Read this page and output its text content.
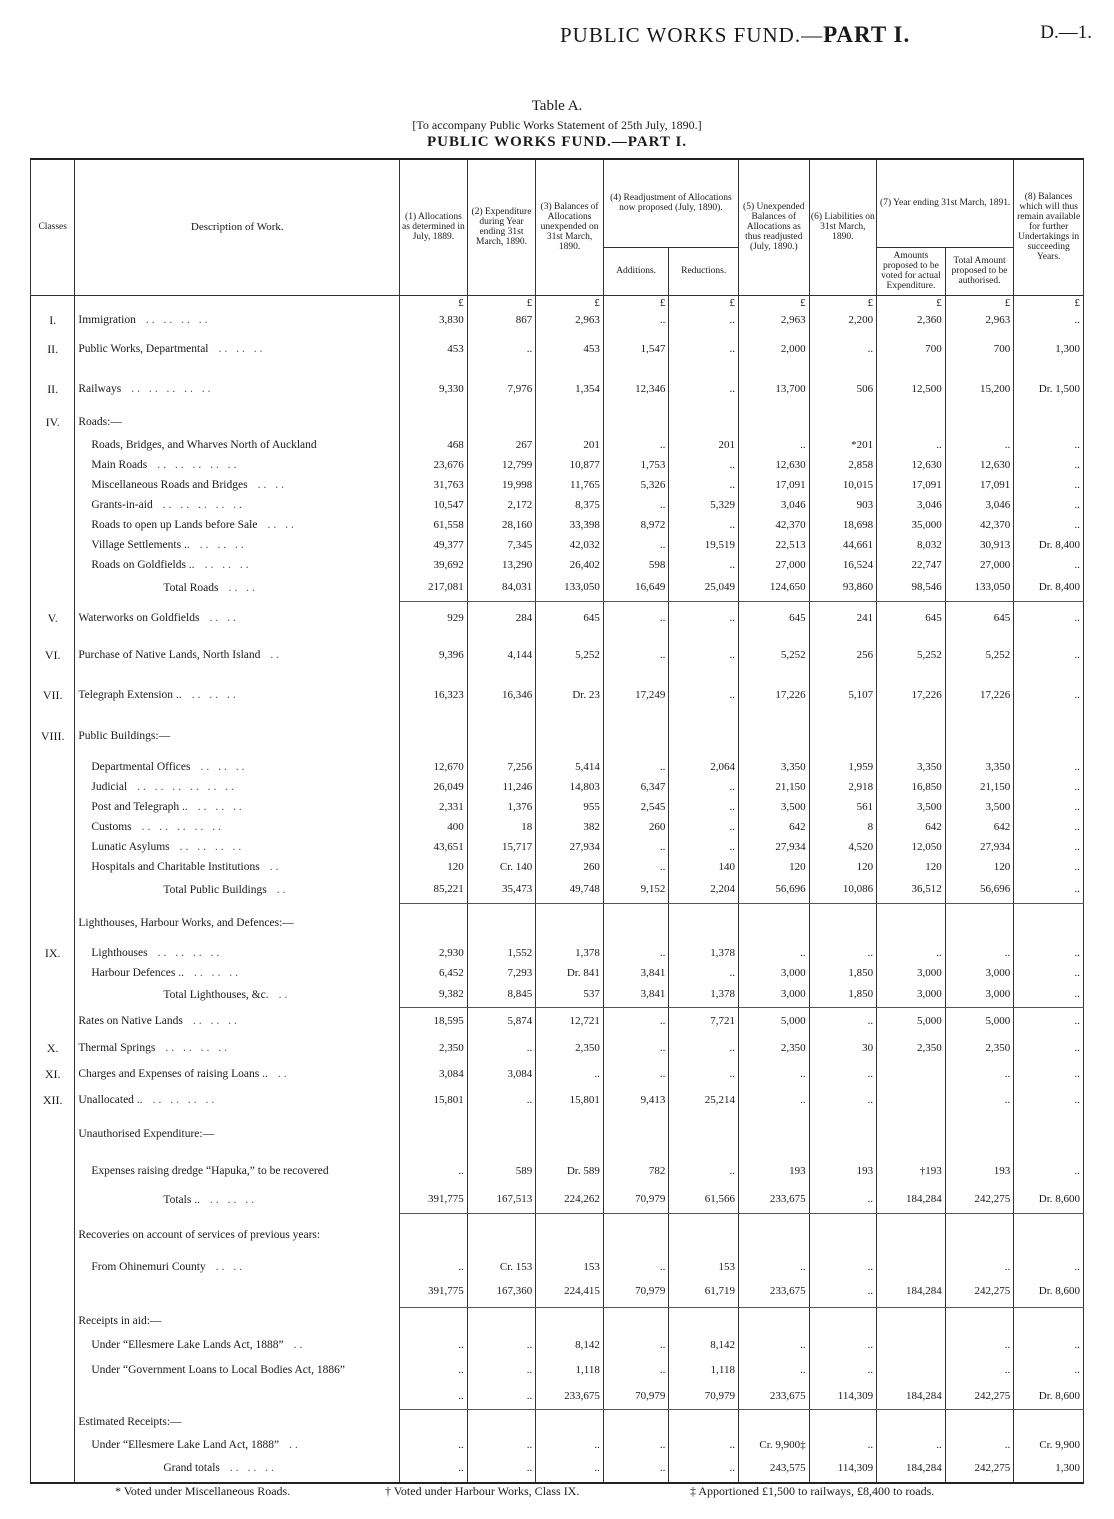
PUBLIC WORKS FUND.—PART I.	D.—1.
Table A.
[To accompany Public Works Statement of 25th July, 1890.]
PUBLIC WORKS FUND.—PART I.
Classes	Description of Work.	(1) Allocations as determined in July, 1889.	(2) Expenditure during Year ending 31st March, 1890.	(3) Balances of Allocations unexpended on 31st March, 1890.	(4) Readjustment of Allocations now proposed (July, 1890).		(5) Unexpended Balances of Allocations as thus readjusted (July, 1890.)	(6) Liabilities on 31st March, 1890.	(7) Year ending 31st March, 1891.		(8) Balances which will thus remain available for further Undertakings in succeeding Years.
					Additions.	Reductions.			Amounts proposed to be voted for actual Expenditure.	Total Amount proposed to be authorised.	
		£	£	£	£	£	£	£	£	£	£
I.	Immigration .. .. .. ..	3,830	867	2,963	..	..	2,963	2,200	2,360	2,963	..
II.	Public Works, Departmental .. .. ..	453	..	453	1,547	..	2,000	..	700	700	1,300
II.	Railways .. .. .. .. ..	9,330	7,976	1,354	12,346	..	13,700	506	12,500	15,200	Dr. 1,500
IV.	Roads:—										
	Roads, Bridges, and Wharves North of Auckland	468	267	201	..	201	..	*201	..	..	..
	Main Roads .. .. .. .. ..	23,676	12,799	10,877	1,753	..	12,630	2,858	12,630	12,630	..
	Miscellaneous Roads and Bridges .. ..	31,763	19,998	11,765	5,326	..	17,091	10,015	17,091	17,091	..
	Grants-in-aid .. .. .. .. ..	10,547	2,172	8,375	..	5,329	3,046	903	3,046	3,046	..
	Roads to open up Lands before Sale .. ..	61,558	28,160	33,398	8,972	..	42,370	18,698	35,000	42,370	..
	Village Settlements .. .. .. ..	49,377	7,345	42,032	..	19,519	22,513	44,661	8,032	30,913	Dr. 8,400
	Roads on Goldfields .. .. .. ..	39,692	13,290	26,402	598	..	27,000	16,524	22,747	27,000	..
	Total Roads .. ..	217,081	84,031	133,050	16,649	25,049	124,650	93,860	98,546	133,050	Dr. 8,400
V.	Waterworks on Goldfields .. ..	929	284	645	..	..	645	241	645	645	..
VI.	Purchase of Native Lands, North Island ..	9,396	4,144	5,252	..	..	5,252	256	5,252	5,252	..
VII.	Telegraph Extension .. .. .. ..	16,323	16,346	Dr. 23	17,249	..	17,226	5,107	17,226	17,226	..
VIII.	Public Buildings:—										
	Departmental Offices .. .. ..	12,670	7,256	5,414	..	2,064	3,350	1,959	3,350	3,350	..
	Judicial .. .. .. .. .. ..	26,049	11,246	14,803	6,347	..	21,150	2,918	16,850	21,150	..
	Post and Telegraph .. .. .. ..	2,331	1,376	955	2,545	..	3,500	561	3,500	3,500	..
	Customs .. .. .. .. ..	400	18	382	260	..	642	8	642	642	..
	Lunatic Asylums .. .. .. ..	43,651	15,717	27,934	..	..	27,934	4,520	12,050	27,934	..
	Hospitals and Charitable Institutions ..	120	Cr. 140	260	..	140	120	120	120	120	..
	Total Public Buildings ..	85,221	35,473	49,748	9,152	2,204	56,696	10,086	36,512	56,696	..
	Lighthouses, Harbour Works, and Defences:—										
IX.	Lighthouses .. .. .. ..	2,930	1,552	1,378	..	1,378	..	..	..	..	..
	Harbour Defences .. .. .. ..	6,452	7,293	Dr. 841	3,841	..	3,000	1,850	3,000	3,000	..
	Total Lighthouses, &c. ..	9,382	8,845	537	3,841	1,378	3,000	1,850	3,000	3,000	..
	Rates on Native Lands .. .. ..	18,595	5,874	12,721	..	7,721	5,000	..	5,000	5,000	..
X.	Thermal Springs .. .. .. ..	2,350	..	2,350	..	..	2,350	30	2,350	2,350	..
XI.	Charges and Expenses of raising Loans .. ..	3,084	3,084	..	..	..	..	..		..	..
XII.	Unallocated .. .. .. .. ..	15,801	..	15,801	9,413	25,214	..	..		..	..
	Unauthorised Expenditure:—										
	Expenses raising dredge “Hapuka,” to be recovered	..	589	Dr. 589	782	..	193	193	†193	193	..
	Totals .. .. .. ..	391,775	167,513	224,262	70,979	61,566	233,675	..	184,284	242,275	Dr. 8,600
	Recoveries on account of services of previous years:										
	From Ohinemuri County .. ..	..	Cr. 153	153	..	153	..	..		..	..
		391,775	167,360	224,415	70,979	61,719	233,675	..	184,284	242,275	Dr. 8,600
	Receipts in aid:—										
	Under “Ellesmere Lake Lands Act, 1888” ..	..	..	8,142	..	8,142	..	..		..	..
	Under “Government Loans to Local Bodies Act, 1886”	..	..	1,118	..	1,118	..	..		..	..
		..	..	233,675	70,979	70,979	233,675	114,309	184,284	242,275	Dr. 8,600
	Estimated Receipts:—										
	Under “Ellesmere Lake Land Act, 1888” ..	..	..	..	..	..	Cr. 9,900‡	..	..	..	Cr. 9,900
	Grand totals .. .. ..	..	..	..	..	..	243,575	114,309	184,284	242,275	1,300
* Voted under Miscellaneous Roads.	† Voted under Harbour Works, Class IX.	‡ Apportioned £1,500 to railways, £8,400 to roads.
